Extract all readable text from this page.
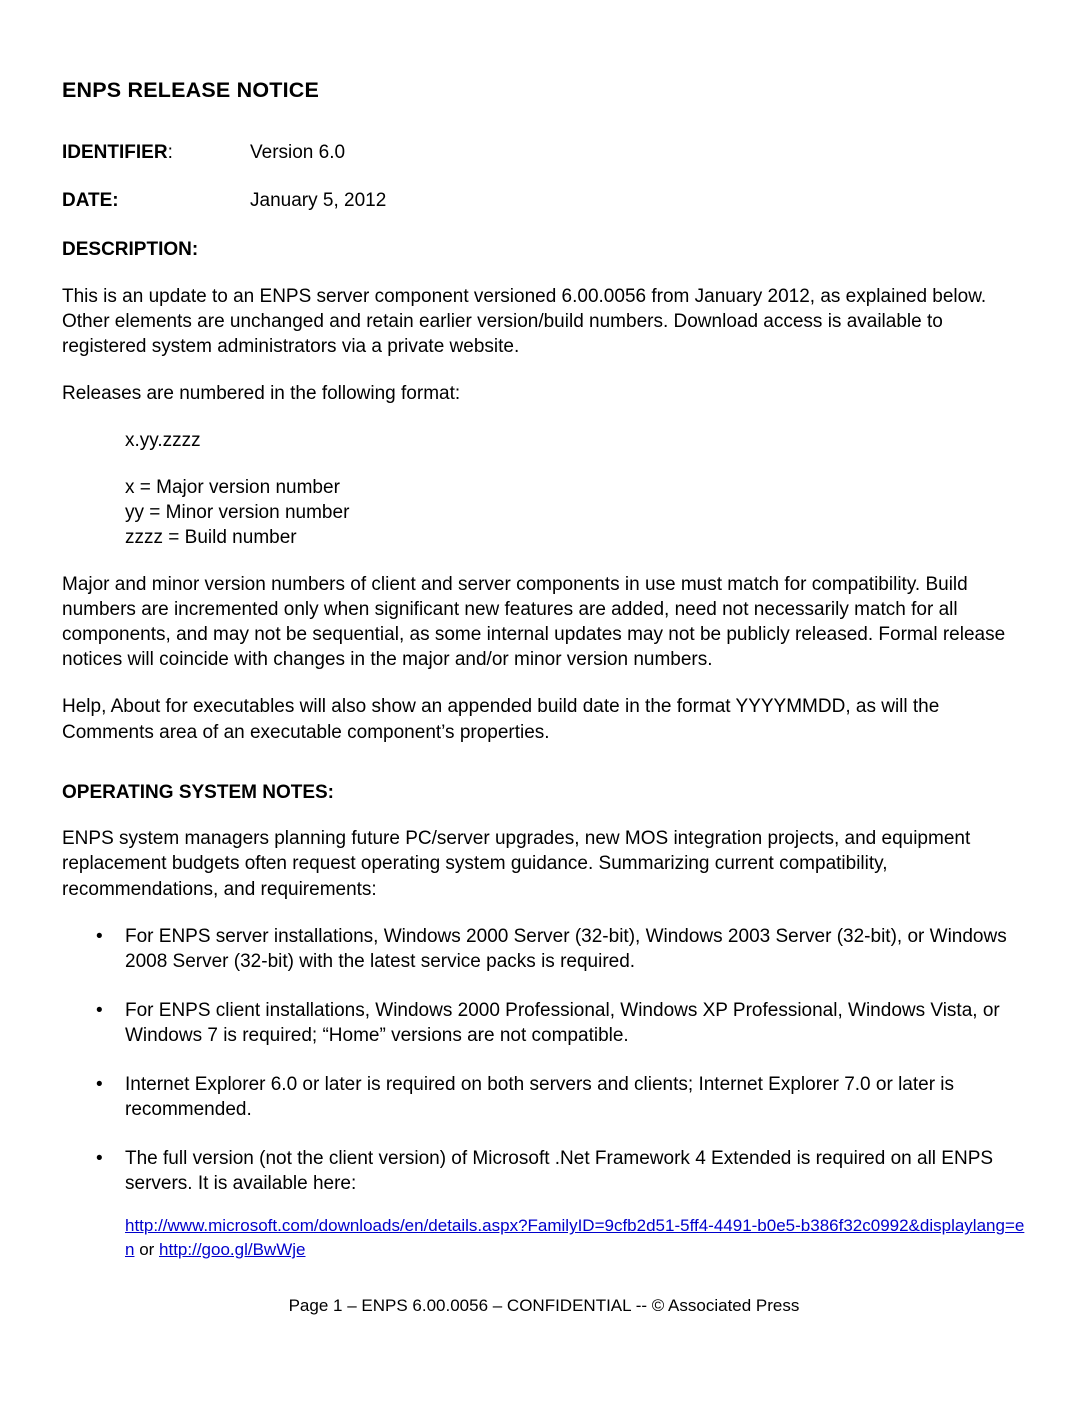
ENPS RELEASE NOTICE
IDENTIFIER:	Version 6.0
DATE:	January 5, 2012
DESCRIPTION:

This is an update to an ENPS server component versioned 6.00.0056 from January 2012, as explained below. Other elements are unchanged and retain earlier version/build numbers. Download access is available to registered system administrators via a private website.

Releases are numbered in the following format:

x.yy.zzzz
x = Major version number
yy = Minor version number
zzzz = Build number

Major and minor version numbers of client and server components in use must match for compatibility. Build numbers are incremented only when significant new features are added, need not necessarily match for all components, and may not be sequential, as some internal updates may not be publicly released. Formal release notices will coincide with changes in the major and/or minor version numbers.

Help, About for executables will also show an appended build date in the format YYYYMMDD, as will the Comments area of an executable component’s properties.

OPERATING SYSTEM NOTES:

ENPS system managers planning future PC/server upgrades, new MOS integration projects, and equipment replacement budgets often request operating system guidance. Summarizing current compatibility, recommendations, and requirements:

• For ENPS server installations, Windows 2000 Server (32-bit), Windows 2003 Server (32-bit), or Windows 2008 Server (32-bit) with the latest service packs is required.
• For ENPS client installations, Windows 2000 Professional, Windows XP Professional, Windows Vista, or Windows 7 is required; “Home” versions are not compatible.
• Internet Explorer 6.0 or later is required on both servers and clients; Internet Explorer 7.0 or later is recommended.
• The full version (not the client version) of Microsoft .Net Framework 4 Extended is required on all ENPS servers. It is available here:
http://www.microsoft.com/downloads/en/details.aspx?FamilyID=9cfb2d51-5ff4-4491-b0e5-b386f32c0992&displaylang=en or http://goo.gl/BwWje
Page 1 – ENPS 6.00.0056 – CONFIDENTIAL -- © Associated Press
